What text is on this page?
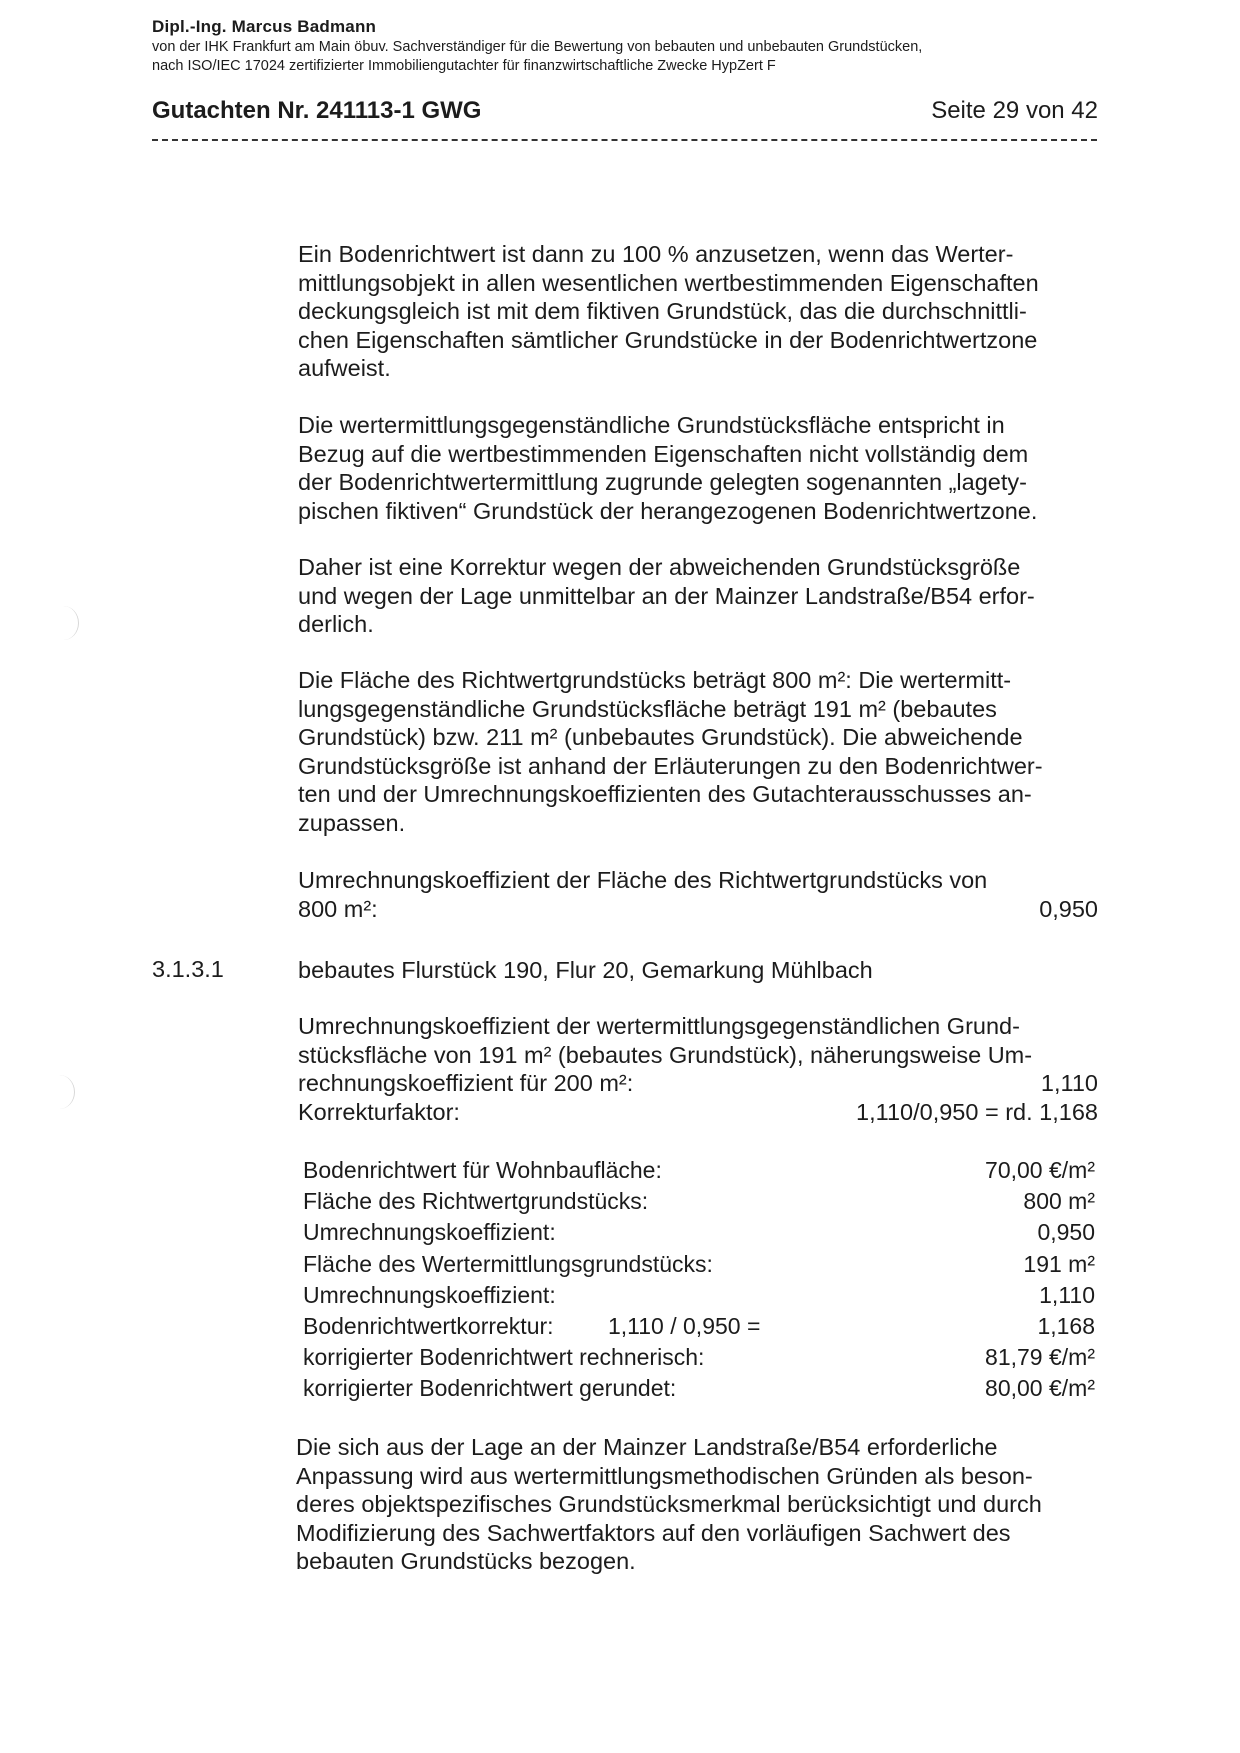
Dipl.-Ing. Marcus Badmann
von der IHK Frankfurt am Main öbuv. Sachverständiger für die Bewertung von bebauten und unbebauten Grundstücken,
nach ISO/IEC 17024 zertifizierter Immobiliengutachter für finanzwirtschaftliche Zwecke HypZert F
Gutachten Nr. 241113-1 GWG	Seite 29 von 42
Ein Bodenrichtwert ist dann zu 100 % anzusetzen, wenn das Werter-
mittlungsobjekt in allen wesentlichen wertbestimmenden Eigenschaften
deckungsgleich ist mit dem fiktiven Grundstück, das die durchschnittli-
chen Eigenschaften sämtlicher Grundstücke in der Bodenrichtwertzone
aufweist.
Die wertermittlungsgegenständliche Grundstücksfläche entspricht in
Bezug auf die wertbestimmenden Eigenschaften nicht vollständig dem
der Bodenrichtwertermittlung zugrunde gelegten sogenannten „lagety-
pischen fiktiven“ Grundstück der herangezogenen Bodenrichtwertzone.
Daher ist eine Korrektur wegen der abweichenden Grundstücksgröße
und wegen der Lage unmittelbar an der Mainzer Landstraße/B54 erfor-
derlich.
Die Fläche des Richtwertgrundstücks beträgt 800 m²: Die wertermitt-
lungsgegenständliche Grundstücksfläche beträgt 191 m² (bebautes
Grundstück) bzw. 211 m² (unbebautes Grundstück). Die abweichende
Grundstücksgröße ist anhand der Erläuterungen zu den Bodenrichtwer-
ten und der Umrechnungskoeffizienten des Gutachterausschusses an-
zupassen.
Umrechnungskoeffizient der Fläche des Richtwertgrundstücks von
800 m²:	0,950
3.1.3.1	bebautes Flurstück 190, Flur 20, Gemarkung Mühlbach
Umrechnungskoeffizient der wertermittlungsgegenständlichen Grund-
stücksfläche von 191 m² (bebautes Grundstück), näherungsweise Um-
rechnungskoeffizient für 200 m²:	1,110
Korrekturfaktor:	1,110/0,950 = rd. 1,168
Bodenrichtwert für Wohnbaufläche:	70,00 €/m²
Fläche des Richtwertgrundstücks:	800 m²
Umrechnungskoeffizient:	0,950
Fläche des Wertermittlungsgrundstücks:	191 m²
Umrechnungskoeffizient:	1,110
Bodenrichtwertkorrektur: 1,110 / 0,950 =	1,168
korrigierter Bodenrichtwert rechnerisch:	81,79 €/m²
korrigierter Bodenrichtwert gerundet:	80,00 €/m²
Die sich aus der Lage an der Mainzer Landstraße/B54 erforderliche
Anpassung wird aus wertermittlungsmethodischen Gründen als beson-
deres objektspezifisches Grundstücksmerkmal berücksichtigt und durch
Modifizierung des Sachwertfaktors auf den vorläufigen Sachwert des
bebauten Grundstücks bezogen.
